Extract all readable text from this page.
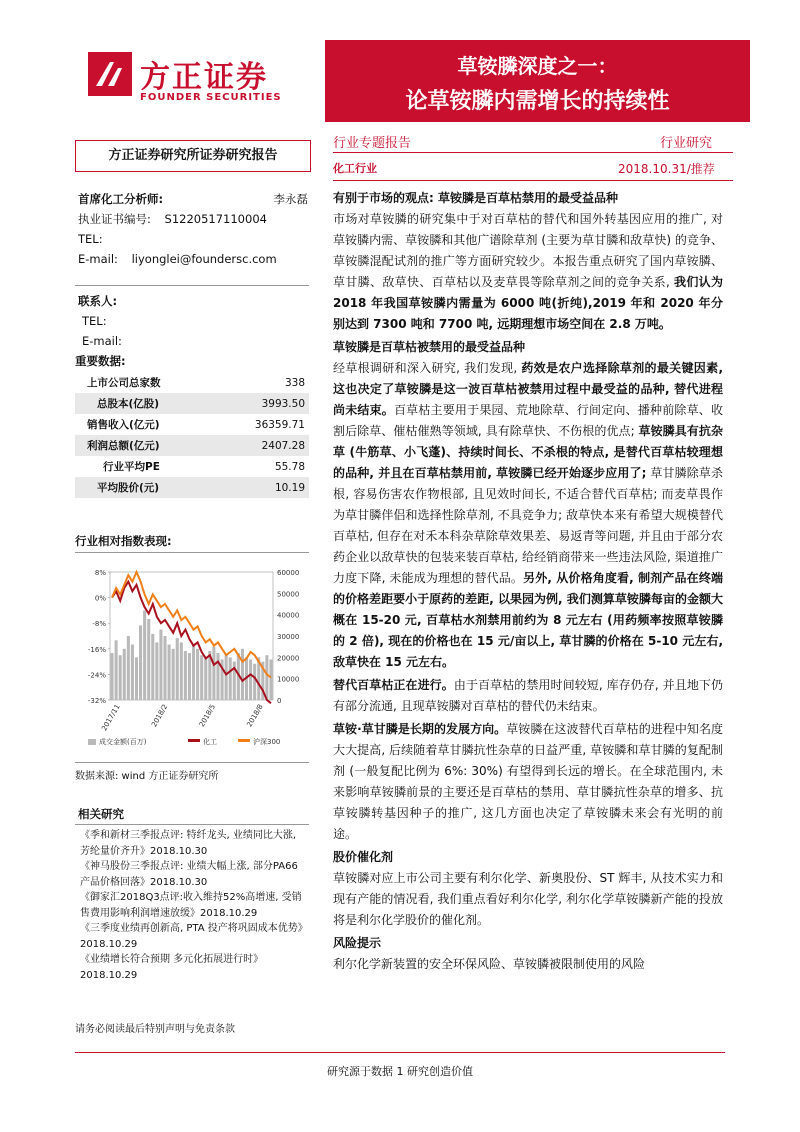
方正证券
FOUNDER SECURITIES
草铵膦深度之一：
论草铵膦内需增长的持续性
方正证券研究所证券研究报告
行业专题报告	行业研究
化工行业	2018.10.31/推荐
首席化工分析师:	李永磊
执业证书编号: S1220517110004
TEL:
E-mail: liyonglei@foundersc.com
联系人:
TEL:
E-mail:
重要数据:
上市公司总家数	338
总股本(亿股)	3993.50
销售收入(亿元)	36359.71
利润总额(亿元)	2407.28
行业平均PE	55.78
平均股价(元)	10.19
行业相对指数表现:
8%
0%
-8%
-16%
-24%
-32%
60000
50000
40000
30000
20000
10000
0
2017/11	2018/2	2018/5	2018/8
成交金额(百万)	化工	沪深300
数据来源: wind 方正证券研究所
相关研究
《季和新材三季报点评: 特纤龙头, 业绩同比大涨, 芳纶量价齐升》2018.10.30
《神马股份三季报点评: 业绩大幅上涨, 部分PA66产品价格回落》2018.10.30
《御家汇2018Q3点评:收入维持52%高增速, 受销售费用影响利润增速放缓》2018.10.29
《三季度业绩再创新高, PTA 投产将巩固成本优势》2018.10.29
《业绩增长符合预期 多元化拓展进行时》2018.10.29
请务必阅读最后特别声明与免责条款
有别于市场的观点: 草铵膦是百草枯禁用的最受益品种
市场对草铵膦的研究集中于对百草枯的替代和国外转基因应用的推广, 对草铵膦内需、草铵膦和其他广谱除草剂 (主要为草甘膦和敌草快) 的竞争、草铵膦混配试剂的推广等方面研究较少。本报告重点研究了国内草铵膦、草甘膦、敌草快、百草枯以及麦草畏等除草剂之间的竞争关系, 我们认为 2018 年我国草铵膦内需量为 6000 吨(折纯),2019 年和 2020 年分别达到 7300 吨和 7700 吨, 远期理想市场空间在 2.8 万吨。
草铵膦是百草枯被禁用的最受益品种
经草根调研和深入研究, 我们发现, 药效是农户选择除草剂的最关键因素, 这也决定了草铵膦是这一波百草枯被禁用过程中最受益的品种, 替代进程尚未结束。百草枯主要用于果园、荒地除草、行间定向、播种前除草、收割后除草、催枯催熟等领域, 具有除草快、不伤根的优点; 草铵膦具有抗杂草 (牛筋草、小飞蓬)、持续时间长、不杀根的特点, 是替代百草枯较理想的品种, 并且在百草枯禁用前, 草铵膦已经开始逐步应用了; 草甘膦除草杀根, 容易伤害农作物根部, 且见效时间长, 不适合替代百草枯; 而麦草畏作为草甘膦伴侣和选择性除草剂, 不具竞争力; 敌草快本来有希望大规模替代百草枯, 但存在对禾本科杂草除草效果差、易返青等问题, 并且由于部分农药企业以敌草快的包装来装百草枯, 给经销商带来一些违法风险, 渠道推广力度下降, 未能成为理想的替代品。另外, 从价格角度看, 制剂产品在终端的价格差距要小于原药的差距, 以果园为例, 我们测算草铵膦每亩的金额大概在 15-20 元, 百草枯水剂禁用前约为 8 元左右 (用药频率按照草铵膦的 2 倍), 现在的价格也在 15 元/亩以上, 草甘膦的价格在 5-10 元左右, 敌草快在 15 元左右。
替代百草枯正在进行。由于百草枯的禁用时间较短, 库存仍存, 并且地下仍有部分流通, 且现草铵膦对百草枯的替代仍未结束。
草铵·草甘膦是长期的发展方向。草铵膦在这波替代百草枯的进程中知名度大大提高, 后续随着草甘膦抗性杂草的日益严重, 草铵膦和草甘膦的复配制剂 (一般复配比例为 6%: 30%) 有望得到长远的增长。在全球范围内, 未来影响草铵膦前景的主要还是百草枯的禁用、草甘膦抗性杂草的增多、抗草铵膦转基因种子的推广, 这几方面也决定了草铵膦未来会有光明的前途。
股价催化剂
草铵膦对应上市公司主要有利尔化学、新奥股份、ST 辉丰, 从技术实力和现有产能的情况看, 我们重点看好利尔化学, 利尔化学草铵膦新产能的投放将是利尔化学股价的催化剂。
风险提示
利尔化学新装置的安全环保风险、草铵膦被限制使用的风险
研究源于数据 1 研究创造价值
